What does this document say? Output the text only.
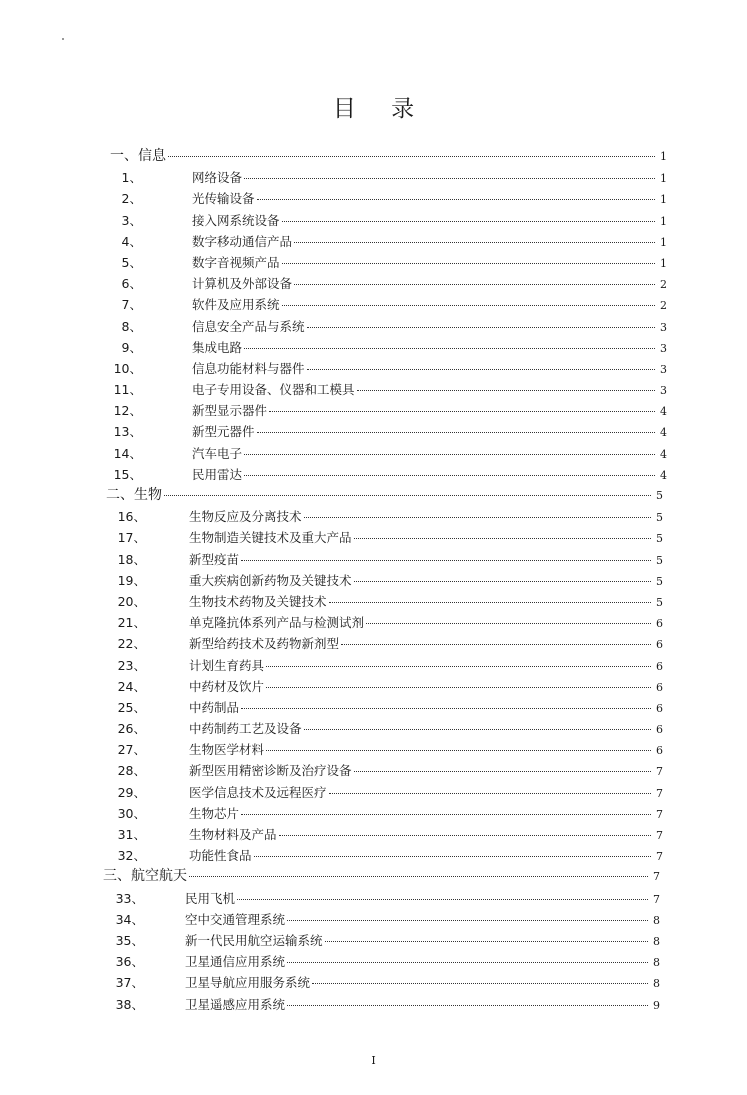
目 录
一、信息	1
1、	网络设备	1
2、	光传输设备	1
3、	接入网系统设备	1
4、	数字移动通信产品	1
5、	数字音视频产品	1
6、	计算机及外部设备	2
7、	软件及应用系统	2
8、	信息安全产品与系统	3
9、	集成电路	3
10、	信息功能材料与器件	3
11、	电子专用设备、仪器和工模具	3
12、	新型显示器件	4
13、	新型元器件	4
14、	汽车电子	4
15、	民用雷达	4
二、生物	5
16、	生物反应及分离技术	5
17、	生物制造关键技术及重大产品	5
18、	新型疫苗	5
19、	重大疾病创新药物及关键技术	5
20、	生物技术药物及关键技术	5
21、	单克隆抗体系列产品与检测试剂	6
22、	新型给药技术及药物新剂型	6
23、	计划生育药具	6
24、	中药材及饮片	6
25、	中药制品	6
26、	中药制药工艺及设备	6
27、	生物医学材料	6
28、	新型医用精密诊断及治疗设备	7
29、	医学信息技术及远程医疗	7
30、	生物芯片	7
31、	生物材料及产品	7
32、	功能性食品	7
三、航空航天	7
33、	民用飞机	7
34、	空中交通管理系统	8
35、	新一代民用航空运输系统	8
36、	卫星通信应用系统	8
37、	卫星导航应用服务系统	8
38、	卫星遥感应用系统	9
I
